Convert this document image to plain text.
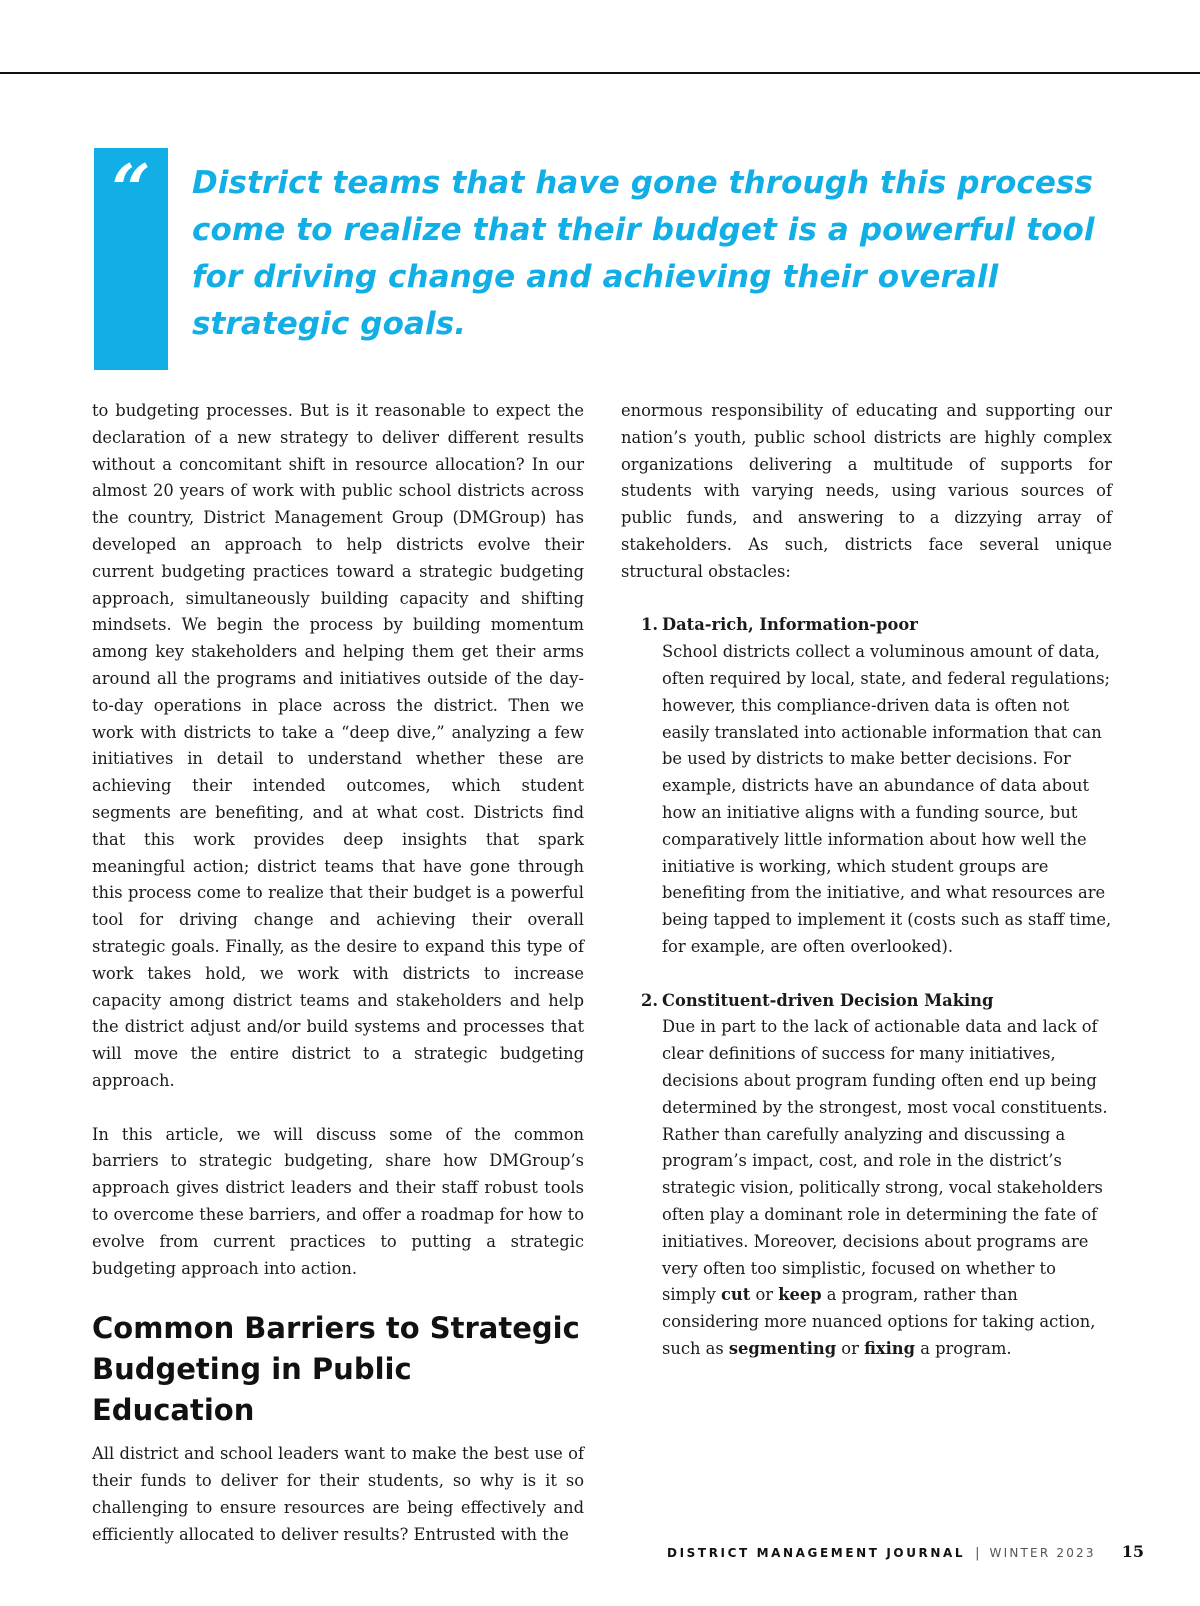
“	District teams that have gone through this process come to realize that their budget is a powerful tool for driving change and achieving their overall strategic goals.

to budgeting processes. But is it reasonable to expect the declaration of a new strategy to deliver different results without a concomitant shift in resource allocation? In our almost 20 years of work with public school districts across the country, District Management Group (DMGroup) has developed an approach to help districts evolve their current budgeting practices toward a strategic budgeting approach, simultaneously building capacity and shifting mindsets. We begin the process by building momentum among key stakeholders and helping them get their arms around all the programs and initiatives outside of the day-to-day operations in place across the district. Then we work with districts to take a “deep dive,” analyzing a few initiatives in detail to understand whether these are achieving their intended outcomes, which student segments are benefiting, and at what cost. Districts find that this work provides deep insights that spark meaningful action; district teams that have gone through this process come to realize that their budget is a powerful tool for driving change and achieving their overall strategic goals. Finally, as the desire to expand this type of work takes hold, we work with districts to increase capacity among district teams and stakeholders and help the district adjust and/or build systems and processes that will move the entire district to a strategic budgeting approach.

In this article, we will discuss some of the common barriers to strategic budgeting, share how DMGroup’s approach gives district leaders and their staff robust tools to overcome these barriers, and offer a roadmap for how to evolve from current practices to putting a strategic budgeting approach into action.

Common Barriers to Strategic Budgeting in Public Education

All district and school leaders want to make the best use of their funds to deliver for their students, so why is it so challenging to ensure resources are being effectively and efficiently allocated to deliver results? Entrusted with the

enormous responsibility of educating and supporting our nation’s youth, public school districts are highly complex organizations delivering a multitude of supports for students with varying needs, using various sources of public funds, and answering to a dizzying array of stakeholders. As such, districts face several unique structural obstacles:

1. Data-rich, Information-poor
School districts collect a voluminous amount of data, often required by local, state, and federal regulations; however, this compliance-driven data is often not easily translated into actionable information that can be used by districts to make better decisions. For example, districts have an abundance of data about how an initiative aligns with a funding source, but comparatively little information about how well the initiative is working, which student groups are benefiting from the initiative, and what resources are being tapped to implement it (costs such as staff time, for example, are often overlooked).
2. Constituent-driven Decision Making
Due in part to the lack of actionable data and lack of clear definitions of success for many initiatives, decisions about program funding often end up being determined by the strongest, most vocal constituents. Rather than carefully analyzing and discussing a program’s impact, cost, and role in the district’s strategic vision, politically strong, vocal stakeholders often play a dominant role in determining the fate of initiatives. Moreover, decisions about programs are very often too simplistic, focused on whether to simply cut or keep a program, rather than considering more nuanced options for taking action, such as segmenting or fixing a program.
DISTRICT MANAGEMENT JOURNAL | WINTER 2023 15
